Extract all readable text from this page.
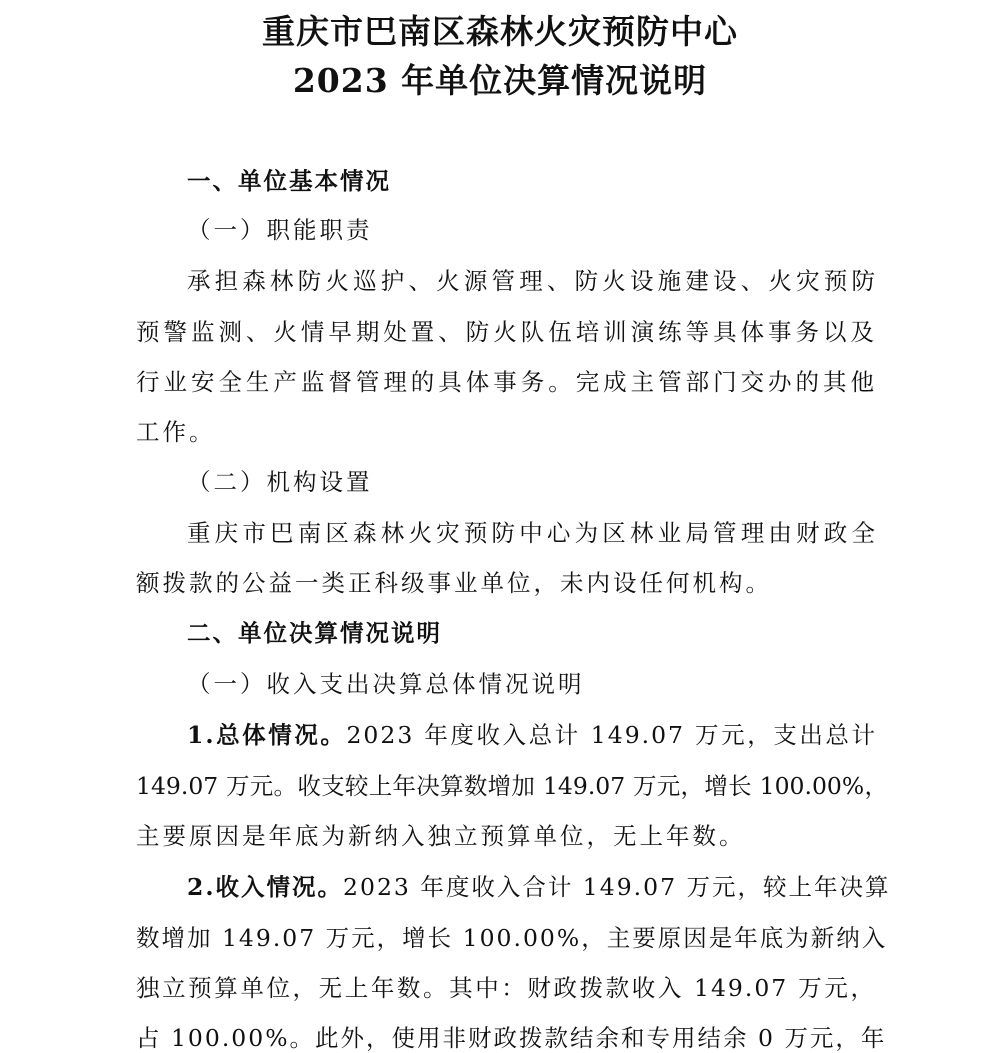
重庆市巴南区森林火灾预防中心
2023 年单位决算情况说明

一、单位基本情况

（一）职能职责

承担森林防火巡护、火源管理、防火设施建设、火灾预防

预警监测、火情早期处置、防火队伍培训演练等具体事务以及

行业安全生产监督管理的具体事务。完成主管部门交办的其他

工作。

（二）机构设置

重庆市巴南区森林火灾预防中心为区林业局管理由财政全

额拨款的公益一类正科级事业单位，未内设任何机构。

二、单位决算情况说明

（一）收入支出决算总体情况说明

1.总体情况。2023 年度收入总计 149.07 万元，支出总计

149.07 万元。收支较上年决算数增加 149.07 万元，增长 100.00%，

主要原因是年底为新纳入独立预算单位，无上年数。

2.收入情况。2023 年度收入合计 149.07 万元，较上年决算

数增加 149.07 万元，增长 100.00%，主要原因是年底为新纳入

独立预算单位，无上年数。其中：财政拨款收入 149.07 万元，

占 100.00%。此外，使用非财政拨款结余和专用结余 0 万元，年
